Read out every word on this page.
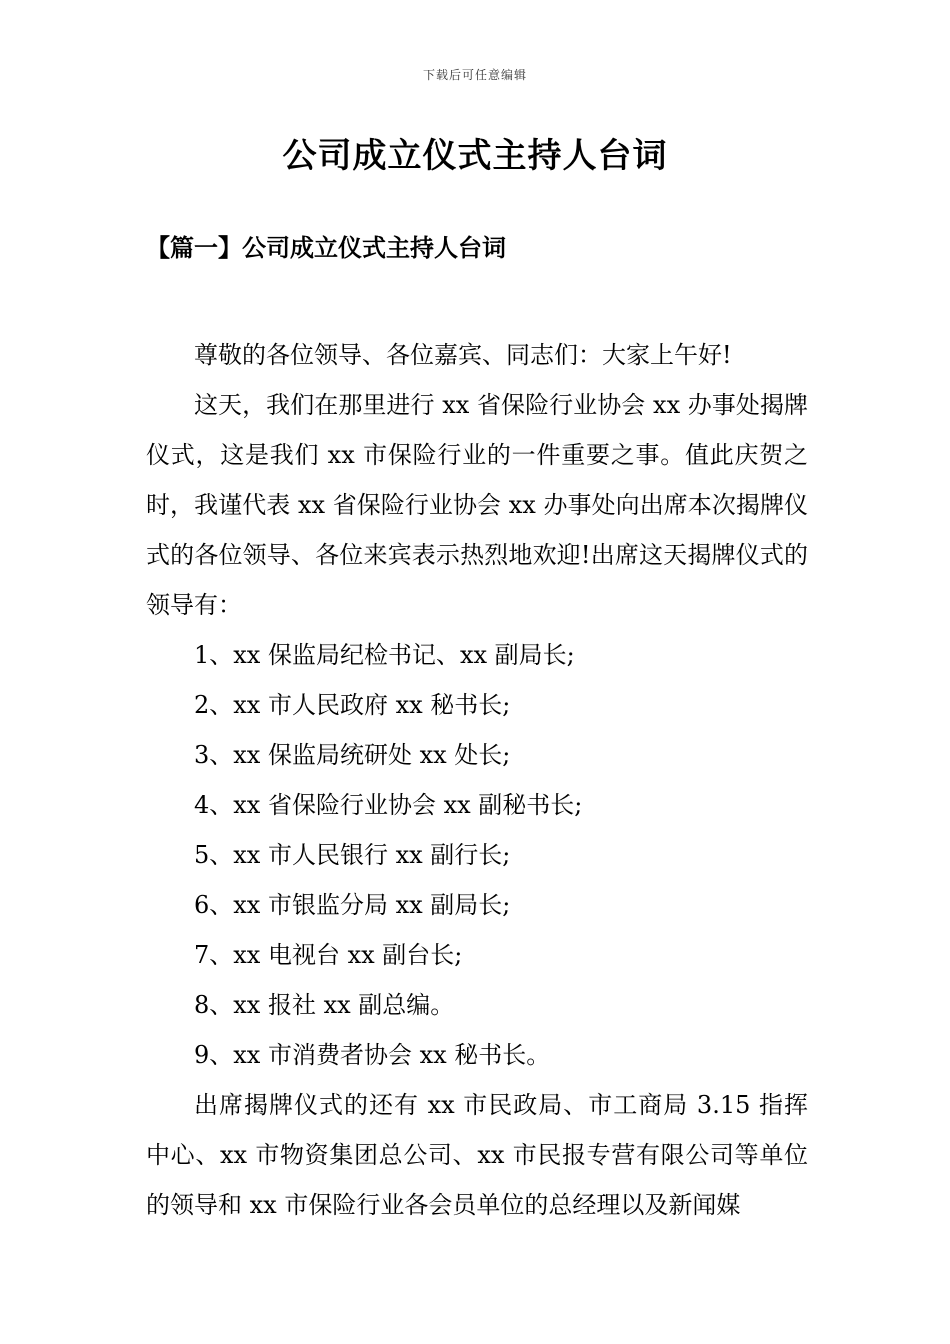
下载后可任意编辑
公司成立仪式主持人台词
【篇一】公司成立仪式主持人台词

尊敬的各位领导、各位嘉宾、同志们：大家上午好!

这天，我们在那里进行 xx 省保险行业协会 xx 办事处揭牌仪式，这是我们 xx 市保险行业的一件重要之事。值此庆贺之时，我谨代表 xx 省保险行业协会 xx 办事处向出席本次揭牌仪式的各位领导、各位来宾表示热烈地欢迎!出席这天揭牌仪式的领导有：

1、xx 保监局纪检书记、xx 副局长;
2、xx 市人民政府 xx 秘书长;
3、xx 保监局统研处 xx 处长;
4、xx 省保险行业协会 xx 副秘书长;
5、xx 市人民银行 xx 副行长;
6、xx 市银监分局 xx 副局长;
7、xx 电视台 xx 副台长;
8、xx 报社 xx 副总编。
9、xx 市消费者协会 xx 秘书长。

出席揭牌仪式的还有 xx 市民政局、市工商局 3.15 指挥中心、xx 市物资集团总公司、xx 市民报专营有限公司等单位的领导和 xx 市保险行业各会员单位的总经理以及新闻媒
